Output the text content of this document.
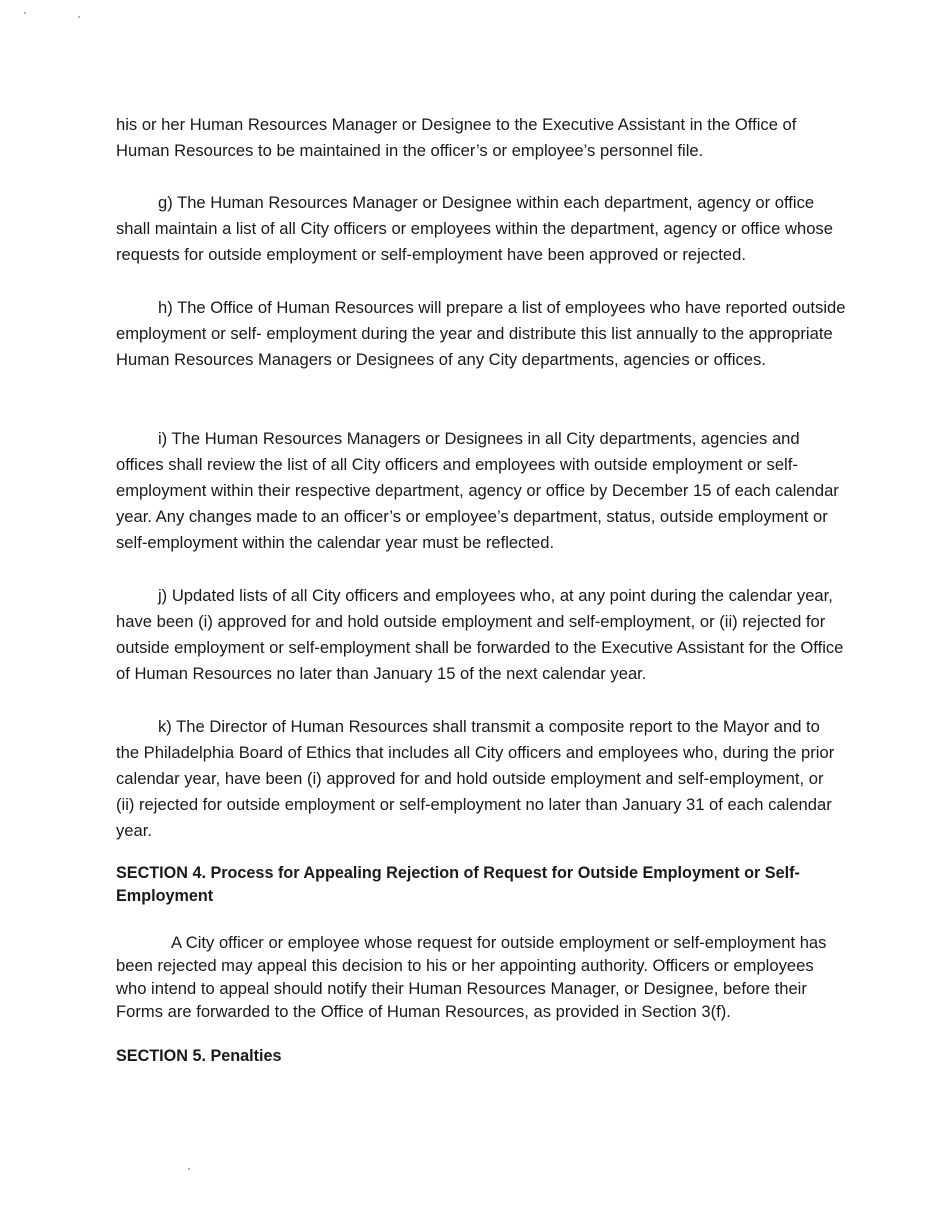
his or her Human Resources Manager or Designee to the Executive Assistant in the Office of Human Resources to be maintained in the officer’s or employee’s personnel file.

g) The Human Resources Manager or Designee within each department, agency or office shall maintain a list of all City officers or employees within the department, agency or office whose requests for outside employment or self-employment have been approved or rejected.

h) The Office of Human Resources will prepare a list of employees who have reported outside employment or self- employment during the year and distribute this list annually to the appropriate Human Resources Managers or Designees of any City departments, agencies or offices.

i) The Human Resources Managers or Designees in all City departments, agencies and offices shall review the list of all City officers and employees with outside employment or self-employment within their respective department, agency or office by December 15 of each calendar year. Any changes made to an officer’s or employee’s department, status, outside employment or self-employment within the calendar year must be reflected.

j) Updated lists of all City officers and employees who, at any point during the calendar year, have been (i) approved for and hold outside employment and self-employment, or (ii) rejected for outside employment or self-employment shall be forwarded to the Executive Assistant for the Office of Human Resources no later than January 15 of the next calendar year.

k) The Director of Human Resources shall transmit a composite report to the Mayor and to the Philadelphia Board of Ethics that includes all City officers and employees who, during the prior calendar year, have been (i) approved for and hold outside employment and self-employment, or (ii) rejected for outside employment or self-employment no later than January 31 of each calendar year.

SECTION 4. Process for Appealing Rejection of Request for Outside Employment or Self-Employment

A City officer or employee whose request for outside employment or self-employment has been rejected may appeal this decision to his or her appointing authority. Officers or employees who intend to appeal should notify their Human Resources Manager, or Designee, before their Forms are forwarded to the Office of Human Resources, as provided in Section 3(f).

SECTION 5. Penalties
